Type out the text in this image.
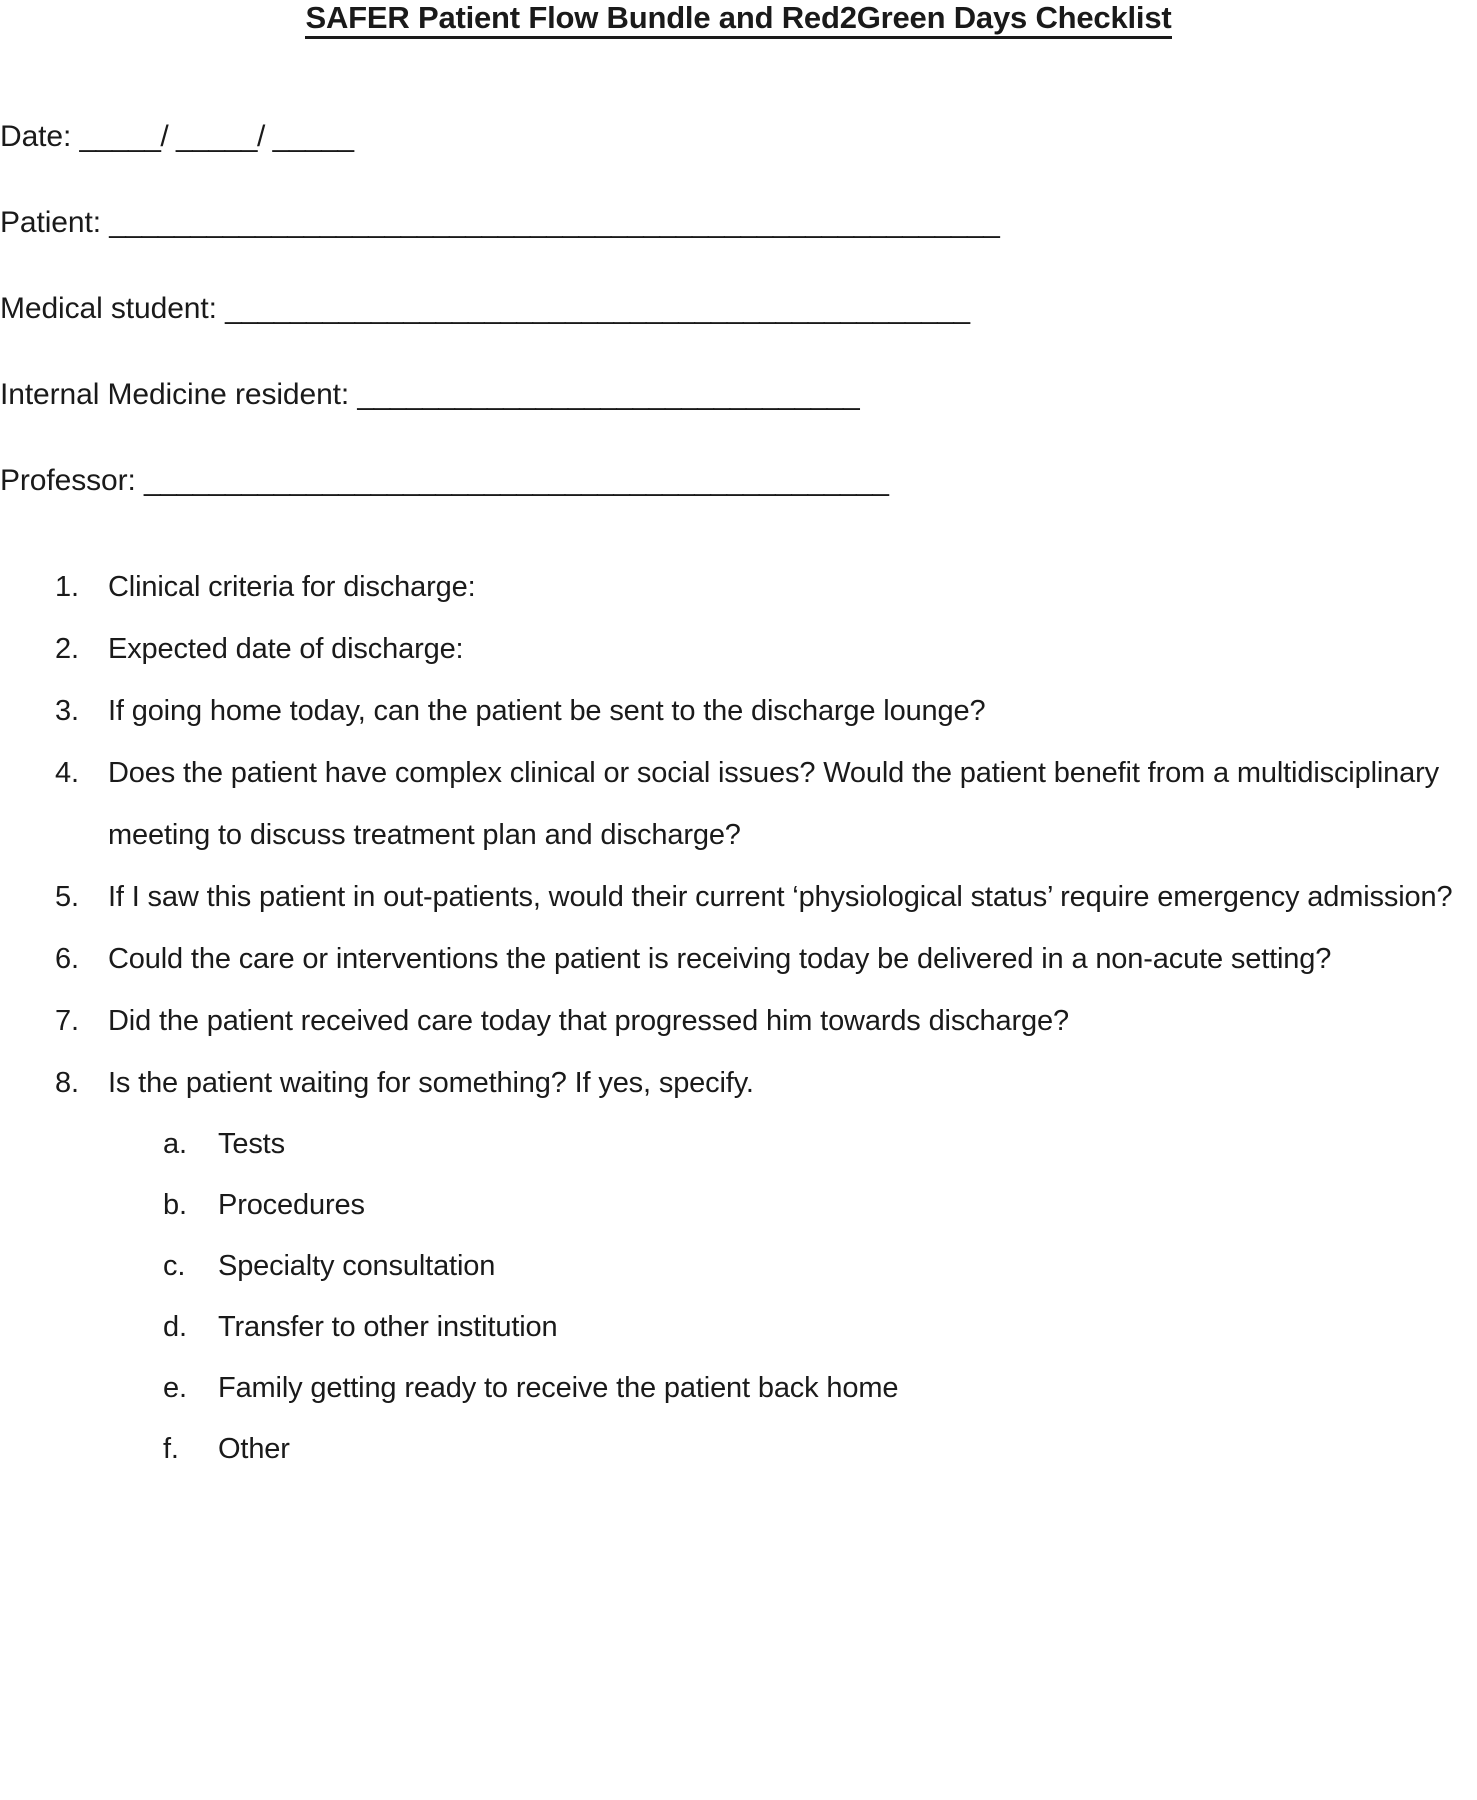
SAFER Patient Flow Bundle and Red2Green Days Checklist
Date: _____/ _____/ _____
Patient: _______________________________________________________
Medical student: ______________________________________________
Internal Medicine resident: _______________________________
Professor: ______________________________________________
1.	Clinical criteria for discharge:
2.	Expected date of discharge:
3.	If going home today, can the patient be sent to the discharge lounge?
4.	Does the patient have complex clinical or social issues? Would the patient benefit from a multidisciplinary meeting to discuss treatment plan and discharge?
5.	If I saw this patient in out-patients, would their current ‘physiological status’ require emergency admission?
6.	Could the care or interventions the patient is receiving today be delivered in a non-acute setting?
7.	Did the patient received care today that progressed him towards discharge?
8.	Is the patient waiting for something? If yes, specify.
a.	Tests
b.	Procedures
c.	Specialty consultation
d.	Transfer to other institution
e.	Family getting ready to receive the patient back home
f.	Other
